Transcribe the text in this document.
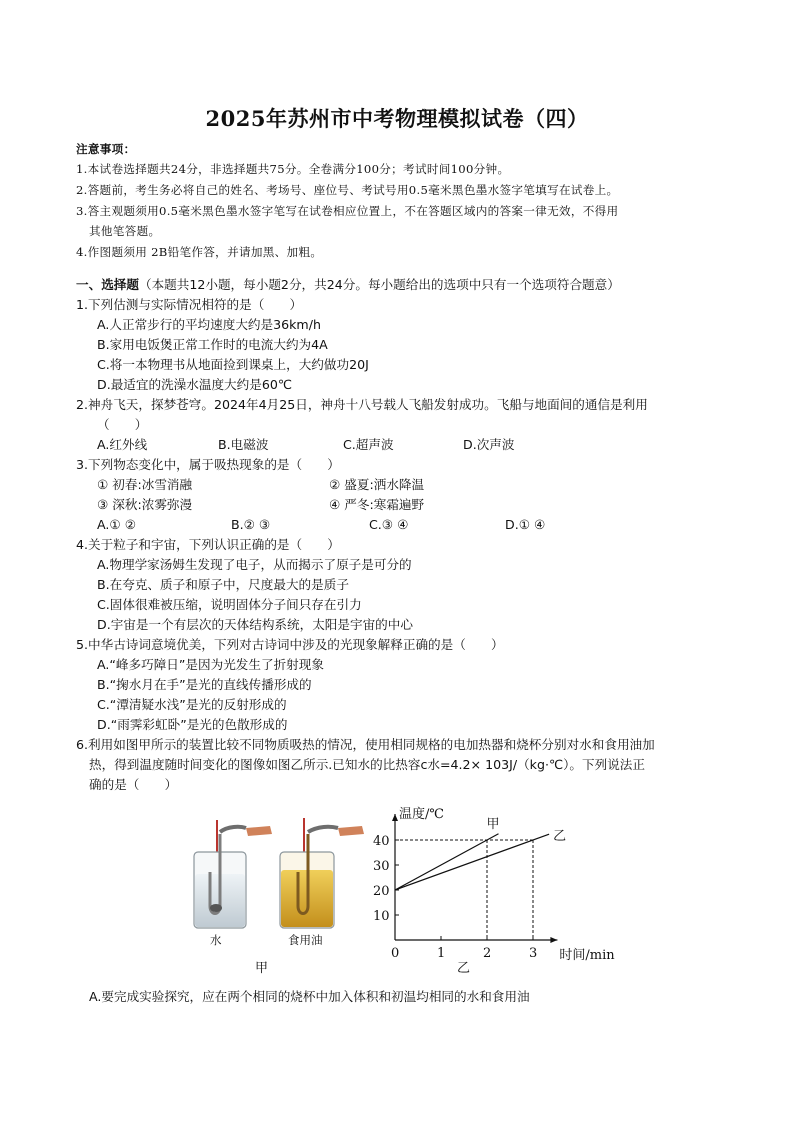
2025年苏州市中考物理模拟试卷（四）
注意事项：
1.本试卷选择题共24分，非选择题共75分。全卷满分100分；考试时间100分钟。
2.答题前，考生务必将自己的姓名、考场号、座位号、考试号用0.5毫米黑色墨水签字笔填写在试卷上。
3.答主观题须用0.5毫米黑色墨水签字笔写在试卷相应位置上，不在答题区域内的答案一律无效，不得用
其他笔答题。
4.作图题须用 2B铅笔作答，并请加黑、加粗。
一、选择题（本题共12小题，每小题2分，共24分。每小题给出的选项中只有一个选项符合题意）
1.下列估测与实际情况相符的是（　　）
A.人正常步行的平均速度大约是36km/h
B.家用电饭煲正常工作时的电流大约为4A
C.将一本物理书从地面捡到课桌上，大约做功20J
D.最适宜的洗澡水温度大约是60℃
2.神舟飞天，探梦苍穹。2024年4月25日，神舟十八号载人飞船发射成功。飞船与地面间的通信是利用
（　　）
A.红外线	B.电磁波	C.超声波	D.次声波
3.下列物态变化中，属于吸热现象的是（　　）
① 初春:冰雪消融	② 盛夏:洒水降温
③ 深秋:浓雾弥漫	④ 严冬:寒霜遍野
A.① ②	B.② ③	C.③ ④	D.① ④
4.关于粒子和宇宙，下列认识正确的是（　　）
A.物理学家汤姆生发现了电子，从而揭示了原子是可分的
B.在夸克、质子和原子中，尺度最大的是质子
C.固体很难被压缩，说明固体分子间只存在引力
D.宇宙是一个有层次的天体结构系统，太阳是宇宙的中心
5.中华古诗词意境优美，下列对古诗词中涉及的光现象解释正确的是（　　）
A.“峰多巧障日”是因为光发生了折射现象
B.“掬水月在手”是光的直线传播形成的
C.“潭清疑水浅”是光的反射形成的
D.“雨霁彩虹卧”是光的色散形成的
6.利用如图甲所示的装置比较不同物质吸热的情况，使用相同规格的电加热器和烧杯分别对水和食用油加
热，得到温度随时间变化的图像如图乙所示.已知水的比热容c水=4.2× 103J/（kg·℃）。下列说法正
确的是（　　）
水	食用油
甲
温度/℃
时间/min
0	1	2	3
10
20
30
40
甲
乙
乙
A.要完成实验探究，应在两个相同的烧杯中加入体积和初温均相同的水和食用油
